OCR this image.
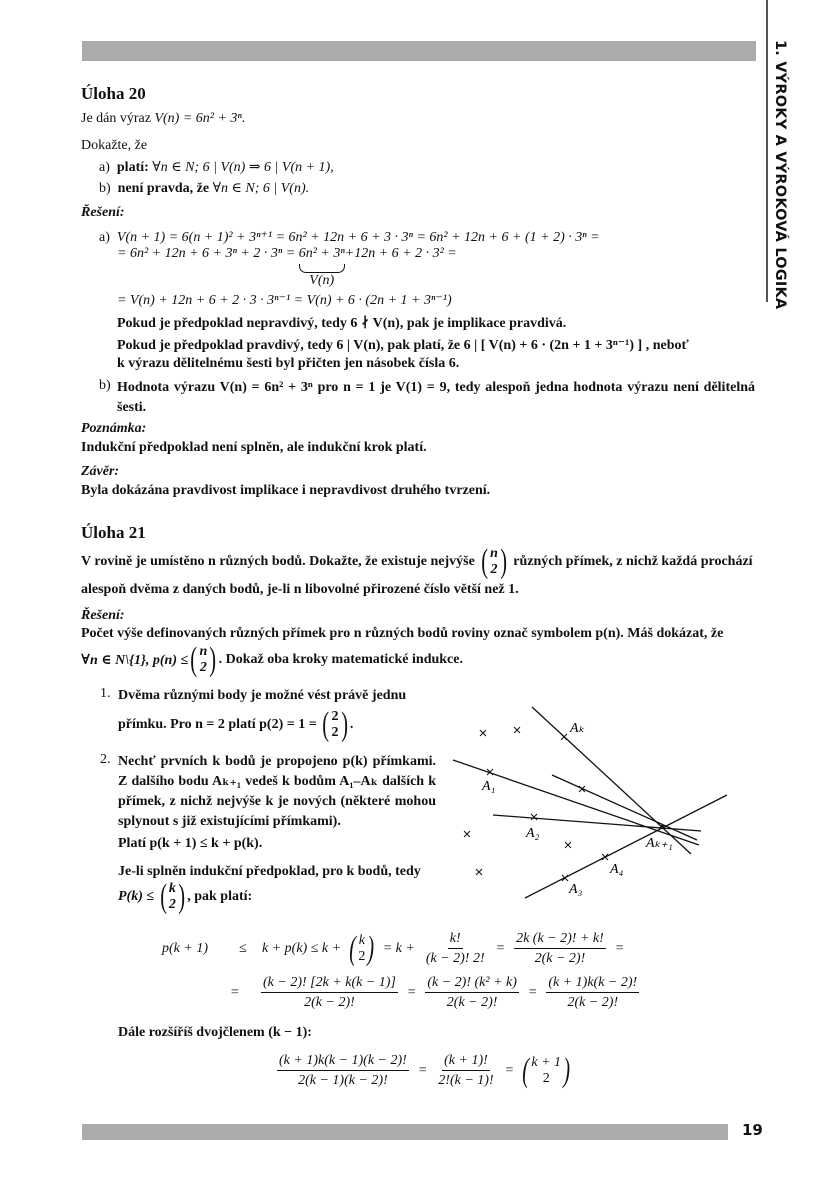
1. VÝROKY A VÝROKOVÁ LOGIKA
19
Úloha 20
Je dán výraz V(n) = 6n² + 3ⁿ.
Dokažte, že
a) platí: ∀n ∈ N; 6 | V(n) ⇒ 6 | V(n + 1),
b) není pravda, že ∀n ∈ N; 6 | V(n).
Řešení:
a) V(n + 1) = 6(n + 1)² + 3ⁿ⁺¹ = 6n² + 12n + 6 + 3 · 3ⁿ = 6n² + 12n + 6 + (1 + 2) · 3ⁿ =
= 6n² + 12n + 6 + 3ⁿ + 2 · 3ⁿ = 6n² + 3ⁿ
V(n)
+12n + 6 + 2 · 3² =
= V(n) + 12n + 6 + 2 · 3 · 3ⁿ⁻¹ = V(n) + 6 · (2n + 1 + 3ⁿ⁻¹)
Pokud je předpoklad nepravdivý, tedy 6 ∤ V(n), pak je implikace pravdivá.
Pokud je předpoklad pravdivý, tedy 6 | V(n), pak platí, že 6 | [ V(n) + 6 · (2n + 1 + 3ⁿ⁻¹) ] , neboť
k výrazu dělitelnému šesti byl přičten jen násobek čísla 6.
b) Hodnota výrazu V(n) = 6n² + 3ⁿ pro n = 1 je V(1) = 9, tedy alespoň jedna hodnota výrazu není dělitelná šesti.
Poznámka:
Indukční předpoklad není splněn, ale indukční krok platí.
Závěr:
Byla dokázána pravdivost implikace i nepravdivost druhého tvrzení.
Úloha 21
V rovině je umístěno n různých bodů. Dokažte, že existuje nejvýše ( n
2 ) různých přímek, z nichž každá prochází
alespoň dvěma z daných bodů, je-li n libovolné přirozené číslo větší než 1.
Řešení:
Počet výše definovaných různých přímek pro n různých bodů roviny označ symbolem p(n). Máš dokázat, že
∀n ∈ N\{1}, p(n) ≤ ( n
2 ) . Dokaž oba kroky matematické indukce.
1. Dvěma různými body je možné vést právě jednu

přímku. Pro n = 2 platí p(2) = 1 =
( 2
2 ) .
2. Nechť prvních k bodů je propojeno p(k) přímkami. Z dalšího bodu Aₖ₊₁ vedeš k bodům A₁–Aₖ dalších k přímek, z nichž nejvýše k je nových (některé mohou splynout s již existujícími přímkami).
Platí p(k + 1) ≤ k + p(k).
Je-li splněn indukční předpoklad, pro k bodů, tedy
P(k) ≤
( k
2 ) , pak platí:
Aₖ
A₁
A₂
A₃
A₄
Aₖ₊₁
p(k + 1)	≤	k + p(k) ≤ k + ( k
2 ) = $k + \frac{k!}{(k - 2)! 2!} = \frac{2k (k - 2)! + k!}{2(k - 2)!}$ =
=	$\frac{(k - 2)! [2k + k(k - 1)]}{2(k - 2)!} = \frac{\text{(k − 2)! (k² + k)}}{2(k - 2)!} = \frac{(k + 1)k(k - 2)!}{2(k - 2)!}$
Dále rozšíříš dvojčlenem (k − 1):
$\frac{(k + 1)k(k - 1)(k - 2)!}{2(k - 1)(k - 2)!} = \frac{(k + 1)!}{2!(k - 1)!}$ = ( k + 1
2 )
